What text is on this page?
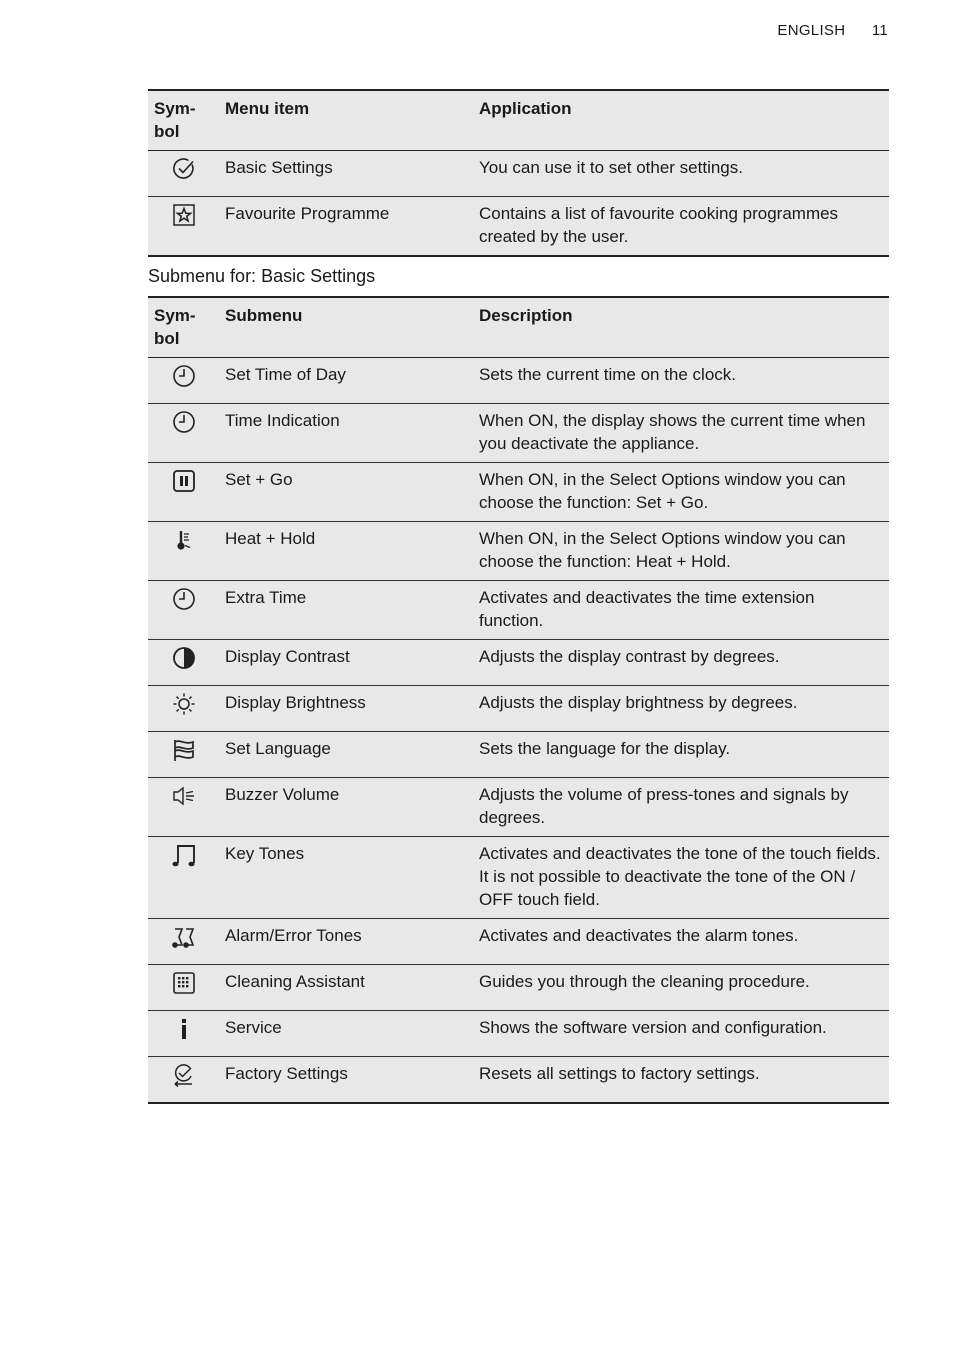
ENGLISH 11
Sym-
bol	Menu item	Application

	Basic Settings	You can use it to set other settings.

	Favourite Programme	Contains a list of favourite cooking programmes created by the user.
Submenu for: Basic Settings
Sym-
bol	Submenu	Description

	Set Time of Day	Sets the current time on the clock.

	Time Indication	When ON, the display shows the current time when you deactivate the appliance.

	Set + Go	When ON, in the Select Options window you can choose the function: Set + Go.

	Heat + Hold	When ON, in the Select Options window you can choose the function: Heat + Hold.

	Extra Time	Activates and deactivates the time extension function.

	Display Contrast	Adjusts the display contrast by degrees.

	Display Brightness	Adjusts the display brightness by degrees.

	Set Language	Sets the language for the display.

	Buzzer Volume	Adjusts the volume of press-tones and signals by degrees.

	Key Tones	Activates and deactivates the tone of the touch fields. It is not possible to deactivate the tone of the ON / OFF touch field.

	Alarm/Error Tones	Activates and deactivates the alarm tones.

	Cleaning Assistant	Guides you through the cleaning procedure.

	Service	Shows the software version and configuration.

	Factory Settings	Resets all settings to factory settings.
